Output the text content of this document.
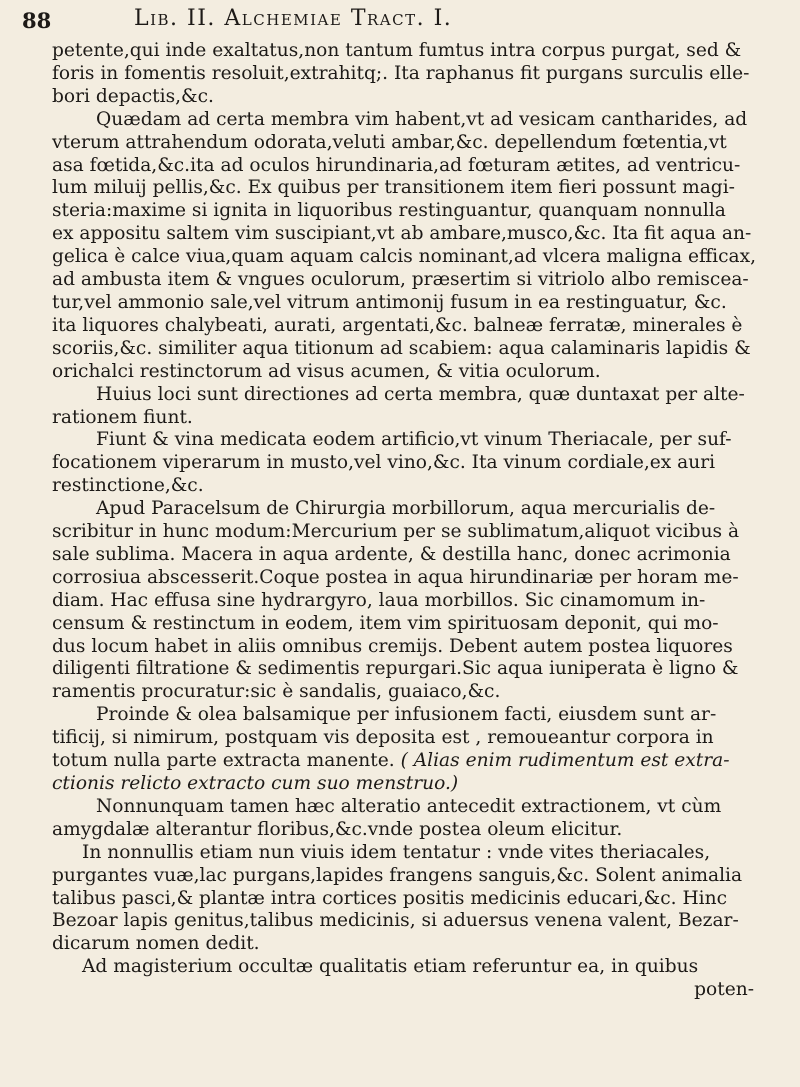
88	Lib. II. Alchemiae Tract. I.
petente,qui inde exaltatus,non tantum fumtus intra corpus purgat, sed &
foris in fomentis resoluit,extrahitq;. Ita raphanus fit purgans surculis elle-
bori depactis,&c.
Quædam ad certa membra vim habent,vt ad vesicam cantharides, ad
vterum attrahendum odorata,veluti ambar,&c. depellendum fœtentia,vt
asa fœtida,&c.ita ad oculos hirundinaria,ad fœturam ætites, ad ventricu-
lum miluij pellis,&c. Ex quibus per transitionem item fieri possunt magi-
steria:maxime si ignita in liquoribus restinguantur, quanquam nonnulla
ex appositu saltem vim suscipiant,vt ab ambare,musco,&c. Ita fit aqua an-
gelica è calce viua,quam aquam calcis nominant,ad vlcera maligna efficax,
ad ambusta item & vngues oculorum, præsertim si vitriolo albo remiscea-
tur,vel ammonio sale,vel vitrum antimonij fusum in ea restinguatur, &c.
ita liquores chalybeati, aurati, argentati,&c. balneæ ferratæ, minerales è
scoriis,&c. similiter aqua titionum ad scabiem: aqua calaminaris lapidis &
orichalci restinctorum ad visus acumen, & vitia oculorum.
Huius loci sunt directiones ad certa membra, quæ duntaxat per alte-
rationem fiunt.
Fiunt & vina medicata eodem artificio,vt vinum Theriacale, per suf-
focationem viperarum in musto,vel vino,&c. Ita vinum cordiale,ex auri
restinctione,&c.
Apud Paracelsum de Chirurgia morbillorum, aqua mercurialis de-
scribitur in hunc modum:Mercurium per se sublimatum,aliquot vicibus à
sale sublima. Macera in aqua ardente, & destilla hanc, donec acrimonia
corrosiua abscesserit.Coque postea in aqua hirundinariæ per horam me-
diam. Hac effusa sine hydrargyro, laua morbillos. Sic cinamomum in-
censum & restinctum in eodem, item vim spirituosam deponit, qui mo-
dus locum habet in aliis omnibus cremijs. Debent autem postea liquores
diligenti filtratione & sedimentis repurgari.Sic aqua iuniperata è ligno &
ramentis procuratur:sic è sandalis, guaiaco,&c.
Proinde & olea balsamique per infusionem facti, eiusdem sunt ar-
tificij, si nimirum, postquam vis deposita est , remoueantur corpora in
totum nulla parte extracta manente. ( Alias enim rudimentum est extra-
ctionis relicto extracto cum suo menstruo.)
Nonnunquam tamen hæc alteratio antecedit extractionem, vt cùm
amygdalæ alterantur floribus,&c.vnde postea oleum elicitur.
In nonnullis etiam nun viuis idem tentatur : vnde vites theriacales,
purgantes vuæ,lac purgans,lapides frangens sanguis,&c. Solent animalia
talibus pasci,& plantæ intra cortices positis medicinis educari,&c. Hinc
Bezoar lapis genitus,talibus medicinis, si aduersus venena valent, Bezar-
dicarum nomen dedit.
Ad magisterium occultæ qualitatis etiam referuntur ea, in quibus
poten-
